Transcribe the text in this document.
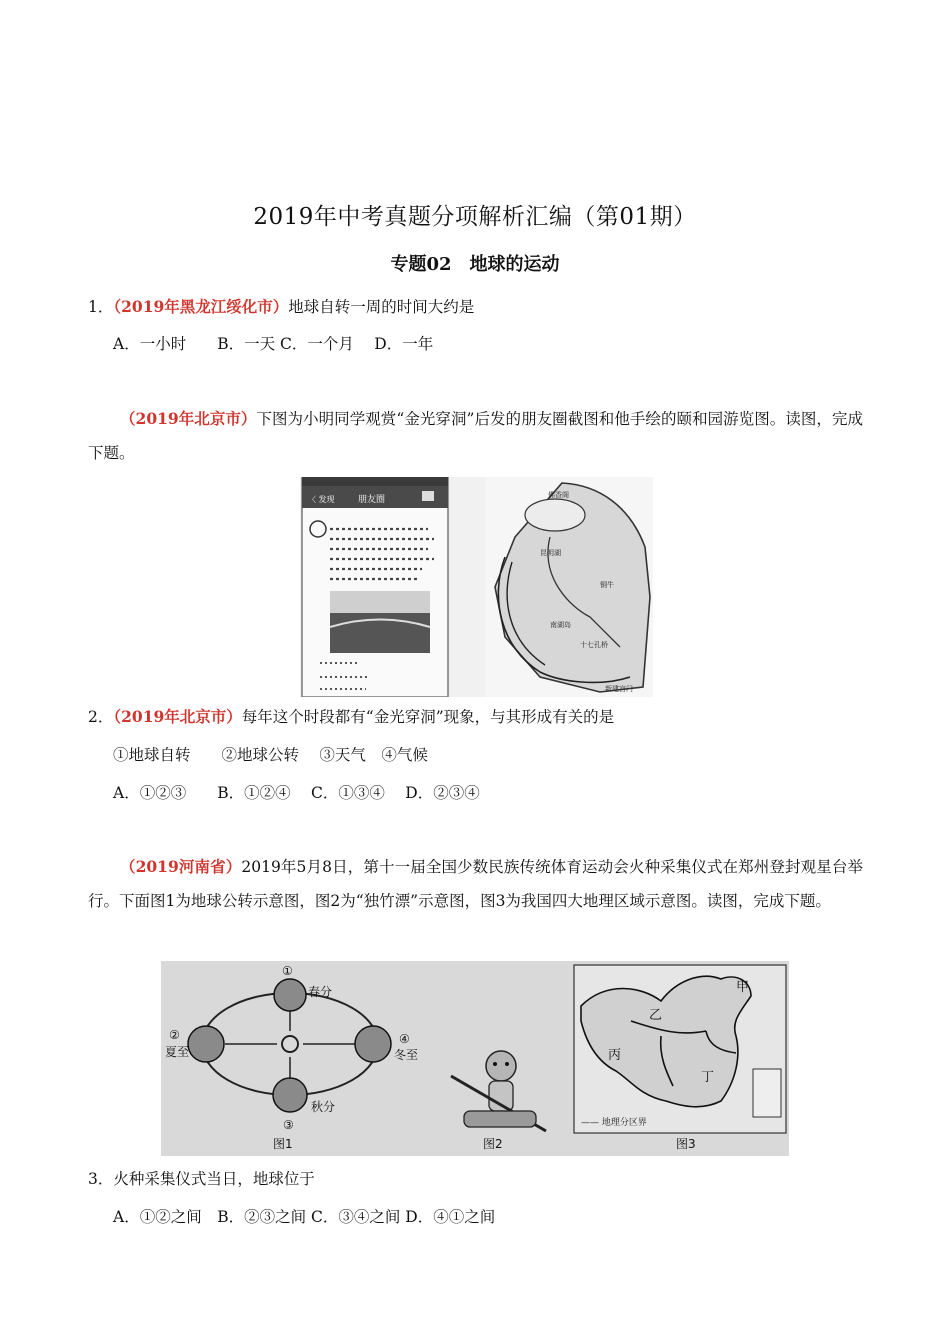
2019年中考真题分项解析汇编（第01期）
专题02　地球的运动
1．（2019年黑龙江绥化市）地球自转一周的时间大约是
A．一小时　　B．一天 C．一个月　 D．一年
（2019年北京市）下图为小明同学观赏“金光穿洞”后发的朋友圈截图和他手绘的颐和园游览图。读图，完成下题。
〈 发现	朋友圈	佛香阁
昆明湖
南湖岛
铜牛
十七孔桥
新建宫门
2．（2019年北京市）每年这个时段都有“金光穿洞”现象，与其形成有关的是
①地球自转　　②地球公转　 ③天气　④气候
A．①②③　　B．①②④　 C．①③④　 D．②③④
（2019河南省）2019年5月8日，第十一届全国少数民族传统体育运动会火种采集仪式在郑州登封观星台举行。下面图1为地球公转示意图，图2为“独竹漂”示意图，图3为我国四大地理区域示意图。读图，完成下题。
①
春分
②
夏至
④
冬至
秋分
③
图1	图2
甲
乙
丙
丁
—— 地理分区界
图3
3．火种采集仪式当日，地球位于
A．①②之间　B．②③之间 C．③④之间 D．④①之间
